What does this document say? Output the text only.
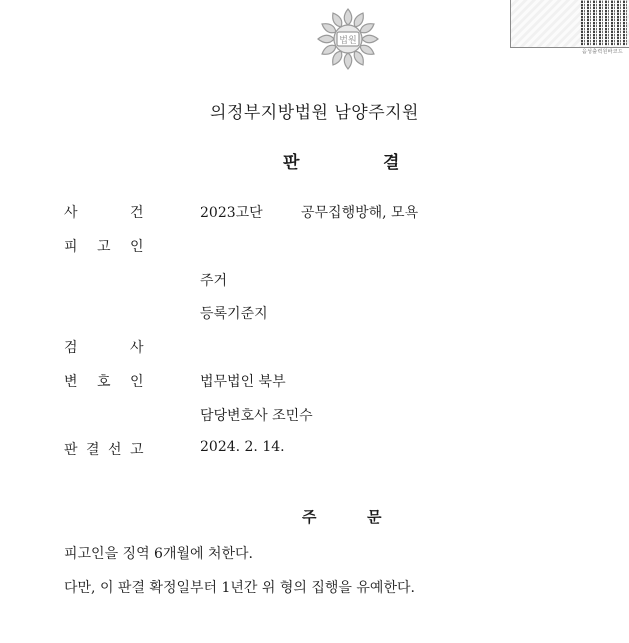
법원
음성출력원바코드
의정부지방법원 남양주지원
판	결
사	건	2023고단	공무집행방해, 모욕
피 고 인
주거
등록기준지
검	사
변 호 인	법무법인 북부
담당변호사 조민수
판 결 선 고	2024. 2. 14.
주	문
피고인을 징역 6개월에 처한다.
다만, 이 판결 확정일부터 1년간 위 형의 집행을 유예한다.
